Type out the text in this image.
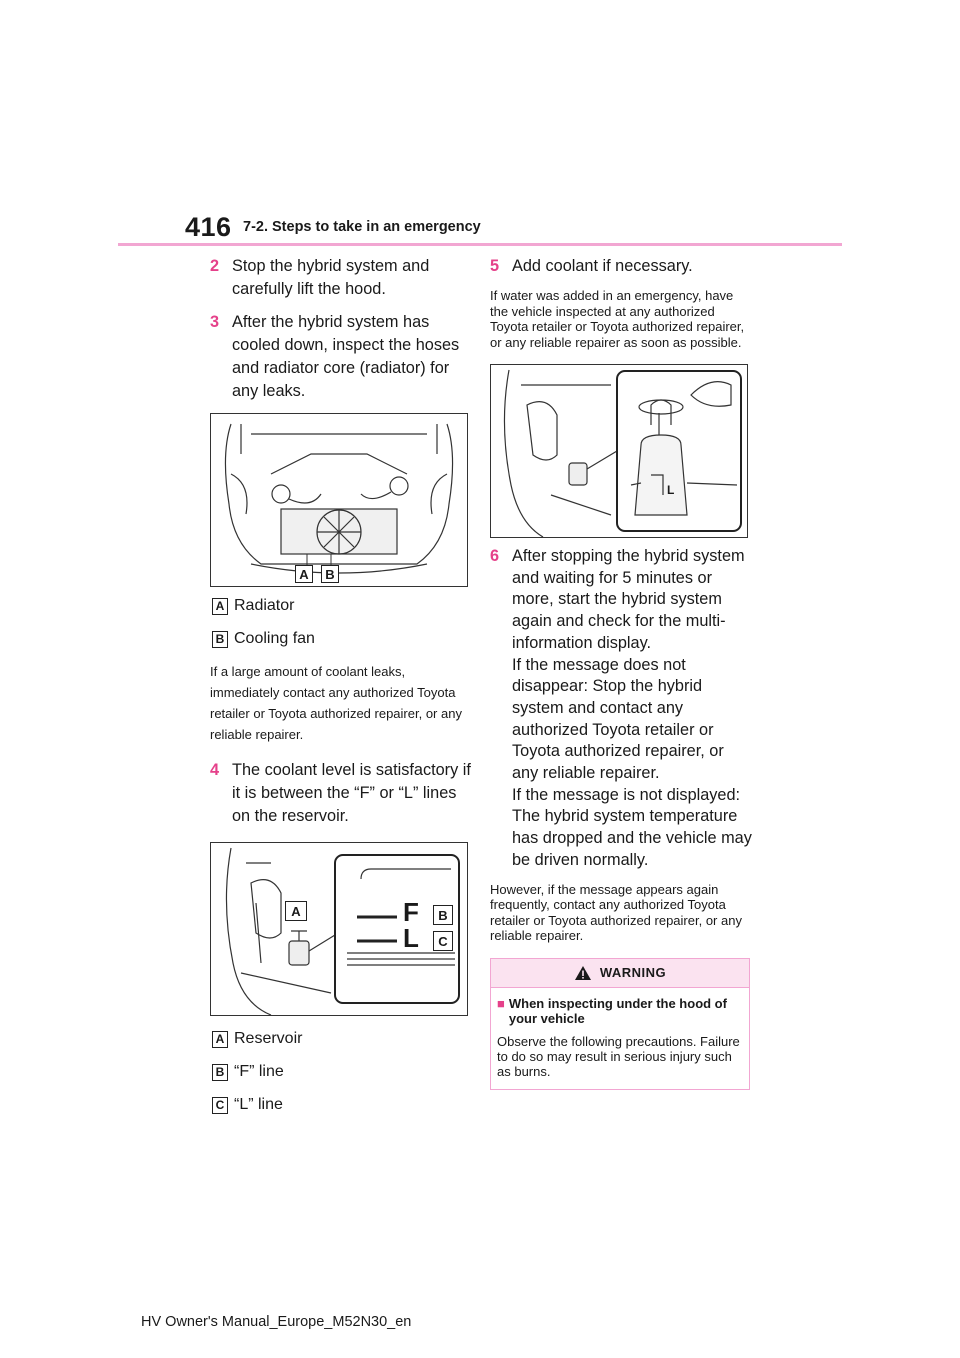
416 7-2. Steps to take in an emergency
2 Stop the hybrid system and carefully lift the hood.
3 After the hybrid system has cooled down, inspect the hoses and radiator core (radiator) for any leaks.
A B
A Radiator
B Cooling fan
If a large amount of coolant leaks, immediately contact any authorized Toyota retailer or Toyota authorized repairer, or any reliable repairer.
4 The coolant level is satisfactory if it is between the “F” or “L” lines on the reservoir.
F
L
A	B
C
A Reservoir
B “F” line
C “L” line
5 Add coolant if necessary.
If water was added in an emergency, have the vehicle inspected at any authorized Toyota retailer or Toyota authorized repairer, or any reliable repairer as soon as possible.
L
6 After stopping the hybrid system and waiting for 5 minutes or more, start the hybrid system again and check for the multi-information display.
If the message does not disappear: Stop the hybrid system and contact any authorized Toyota retailer or Toyota authorized repairer, or any reliable repairer.
If the message is not displayed: The hybrid system temperature has dropped and the vehicle may be driven normally.
However, if the message appears again frequently, contact any authorized Toyota retailer or Toyota authorized repairer, or any reliable repairer.
WARNING
■ When inspecting under the hood of your vehicle
Observe the following precautions. Failure to do so may result in serious injury such as burns.
HV Owner's Manual_Europe_M52N30_en
